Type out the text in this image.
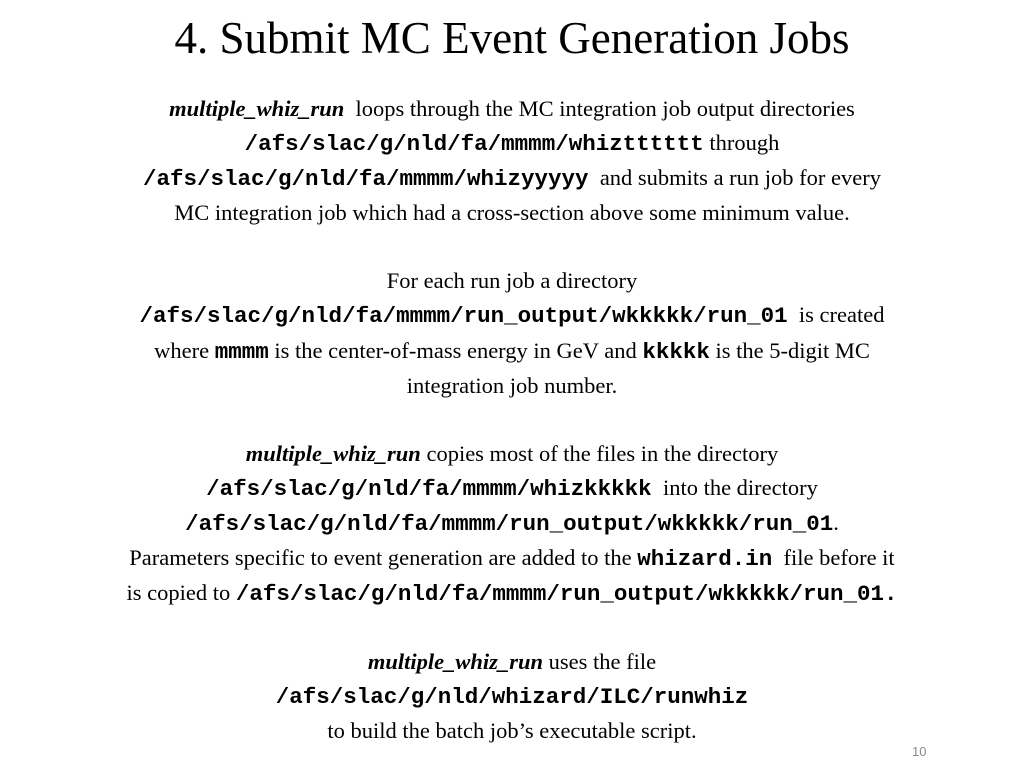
4. Submit MC Event Generation Jobs

multiple_whiz_run  loops through the MC integration job output directories

/afs/slac/g/nld/fa/mmmm/whiztttttt through

/afs/slac/g/nld/fa/mmmm/whizyyyyy  and submits a run job for every

MC integration job which had a cross-section above some minimum value.

For each run job a directory

/afs/slac/g/nld/fa/mmmm/run_output/wkkkkk/run_01  is created

where mmmm is the center-of-mass energy in GeV and kkkkk is the 5-digit MC

integration job number.

multiple_whiz_run copies most of the files in the directory

/afs/slac/g/nld/fa/mmmm/whizkkkkk  into the directory

/afs/slac/g/nld/fa/mmmm/run_output/wkkkkk/run_01.

Parameters specific to event generation are added to the whizard.in  file before it

is copied to /afs/slac/g/nld/fa/mmmm/run_output/wkkkkk/run_01.

multiple_whiz_run uses the file

/afs/slac/g/nld/whizard/ILC/runwhiz

to build the batch job’s executable script.

10
